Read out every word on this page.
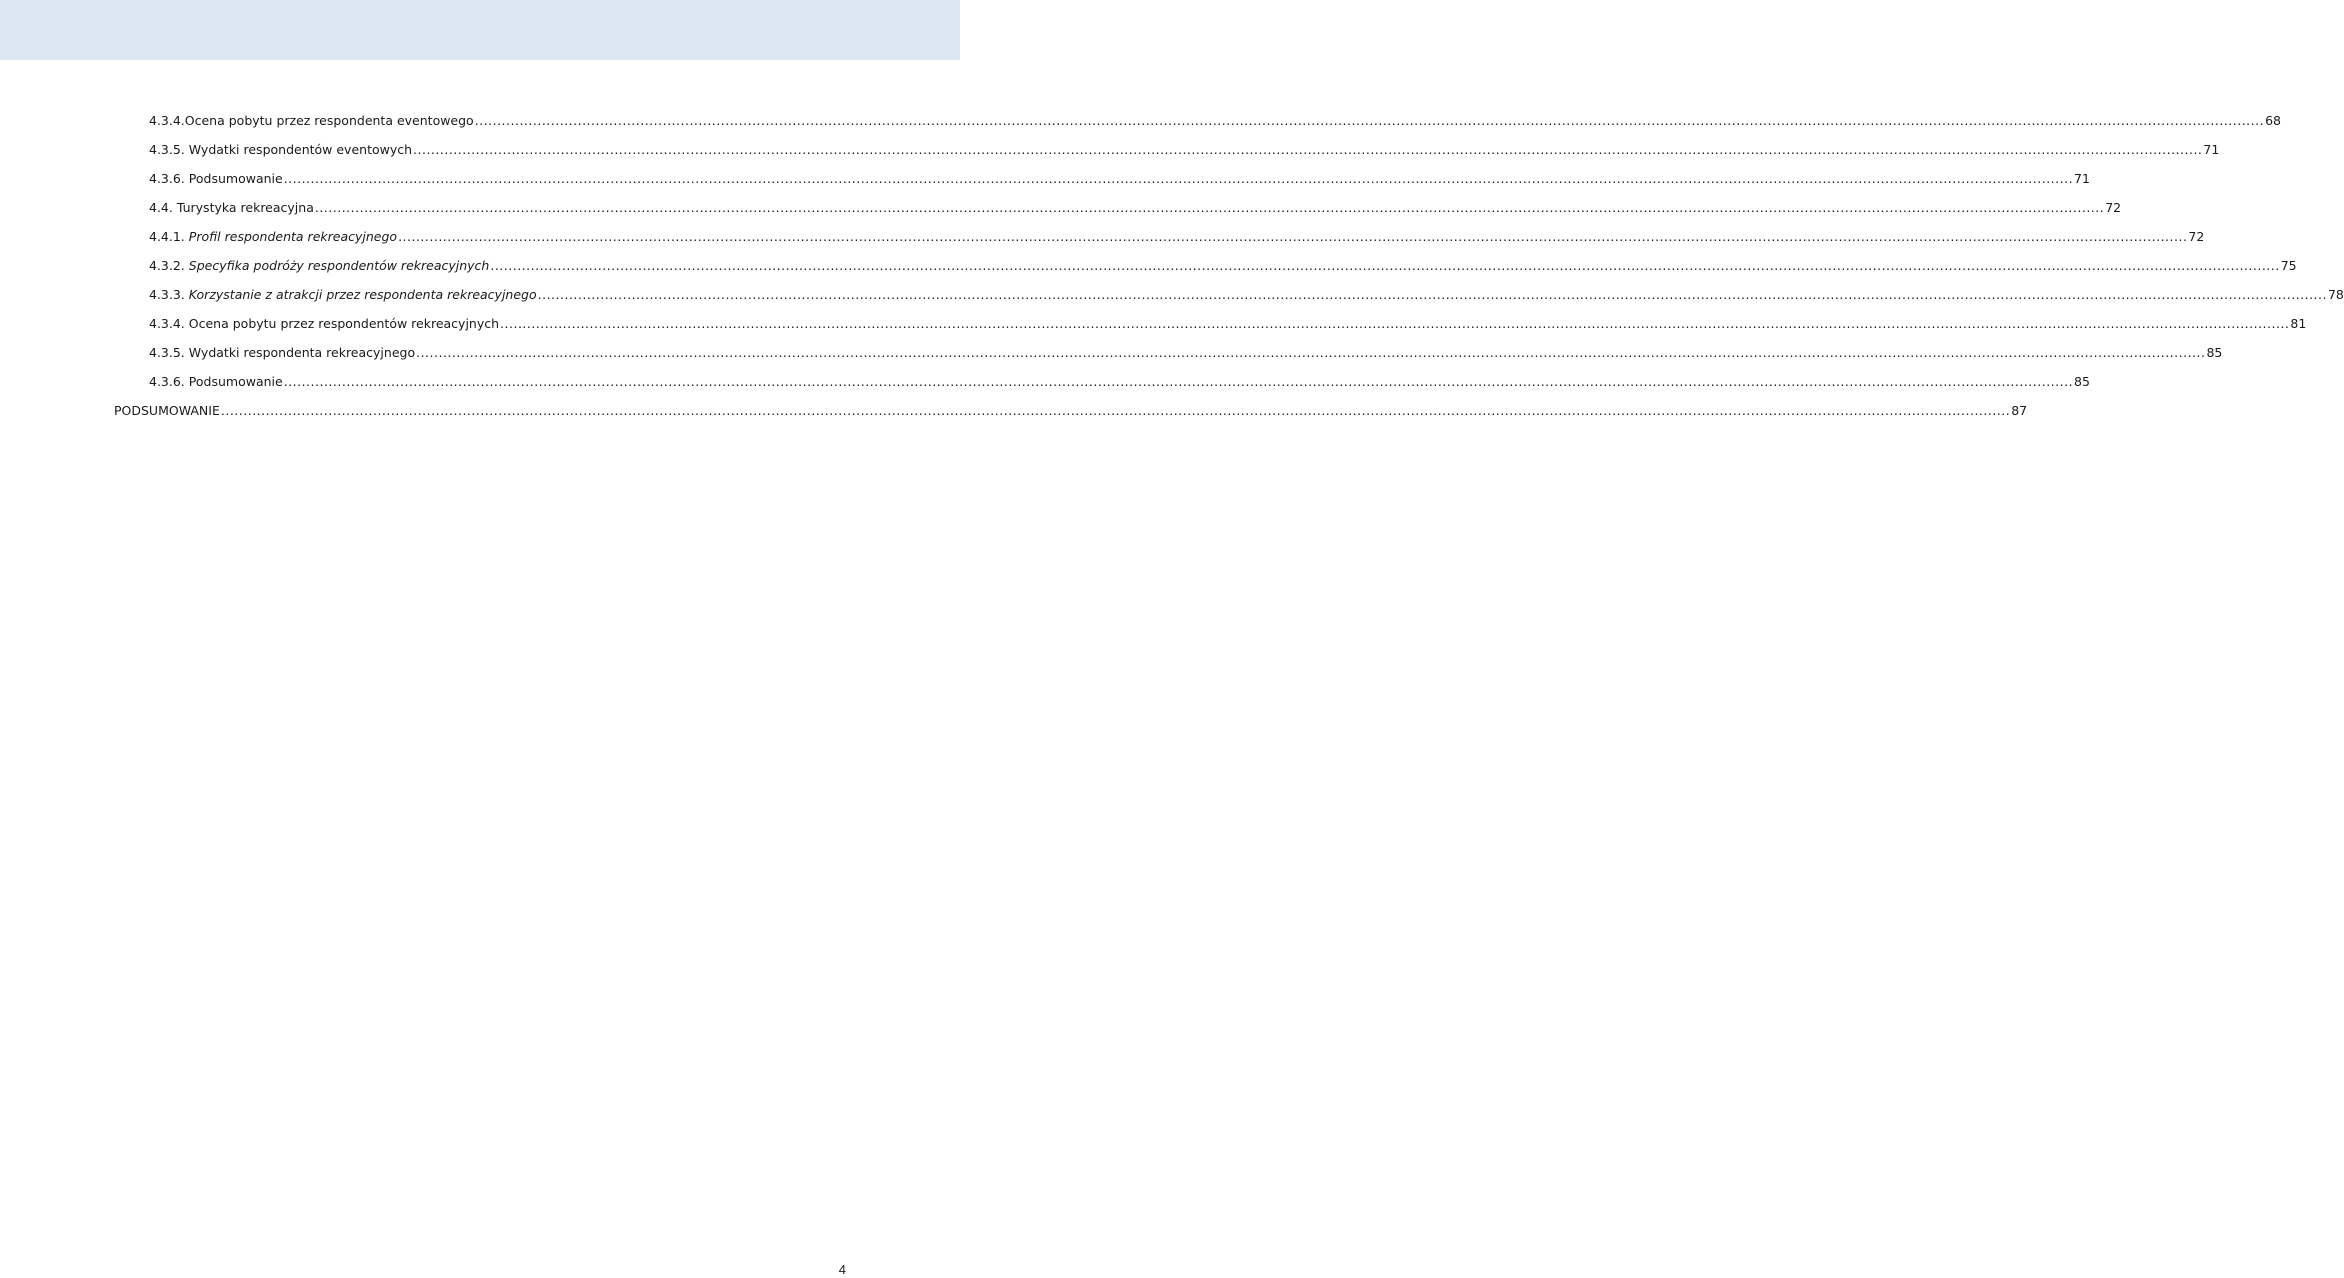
4.3.4. Ocena pobytu przez respondenta eventowego ................................................................................................................................................................................................................................................................................................................................................................................................................ 68
4.3.5. Wydatki respondentów eventowych ................................................................................................................................................................................................................................................................................................................................................................................................................ 71
4.3.6. Podsumowanie ................................................................................................................................................................................................................................................................................................................................................................................................................ 71
4.4. Turystyka rekreacyjna ................................................................................................................................................................................................................................................................................................................................................................................................................ 72
4.4.1. Profil respondenta rekreacyjnego ................................................................................................................................................................................................................................................................................................................................................................................................................ 72
4.3.2. Specyfika podróży respondentów rekreacyjnych ................................................................................................................................................................................................................................................................................................................................................................................................................ 75
4.3.3. Korzystanie z atrakcji przez respondenta rekreacyjnego ................................................................................................................................................................................................................................................................................................................................................................................................................ 78
4.3.4. Ocena pobytu przez respondentów rekreacyjnych ................................................................................................................................................................................................................................................................................................................................................................................................................ 81
4.3.5. Wydatki respondenta rekreacyjnego ................................................................................................................................................................................................................................................................................................................................................................................................................ 85
4.3.6. Podsumowanie ................................................................................................................................................................................................................................................................................................................................................................................................................ 85
PODSUMOWANIE ................................................................................................................................................................................................................................................................................................................................................................................................................ 87
4
